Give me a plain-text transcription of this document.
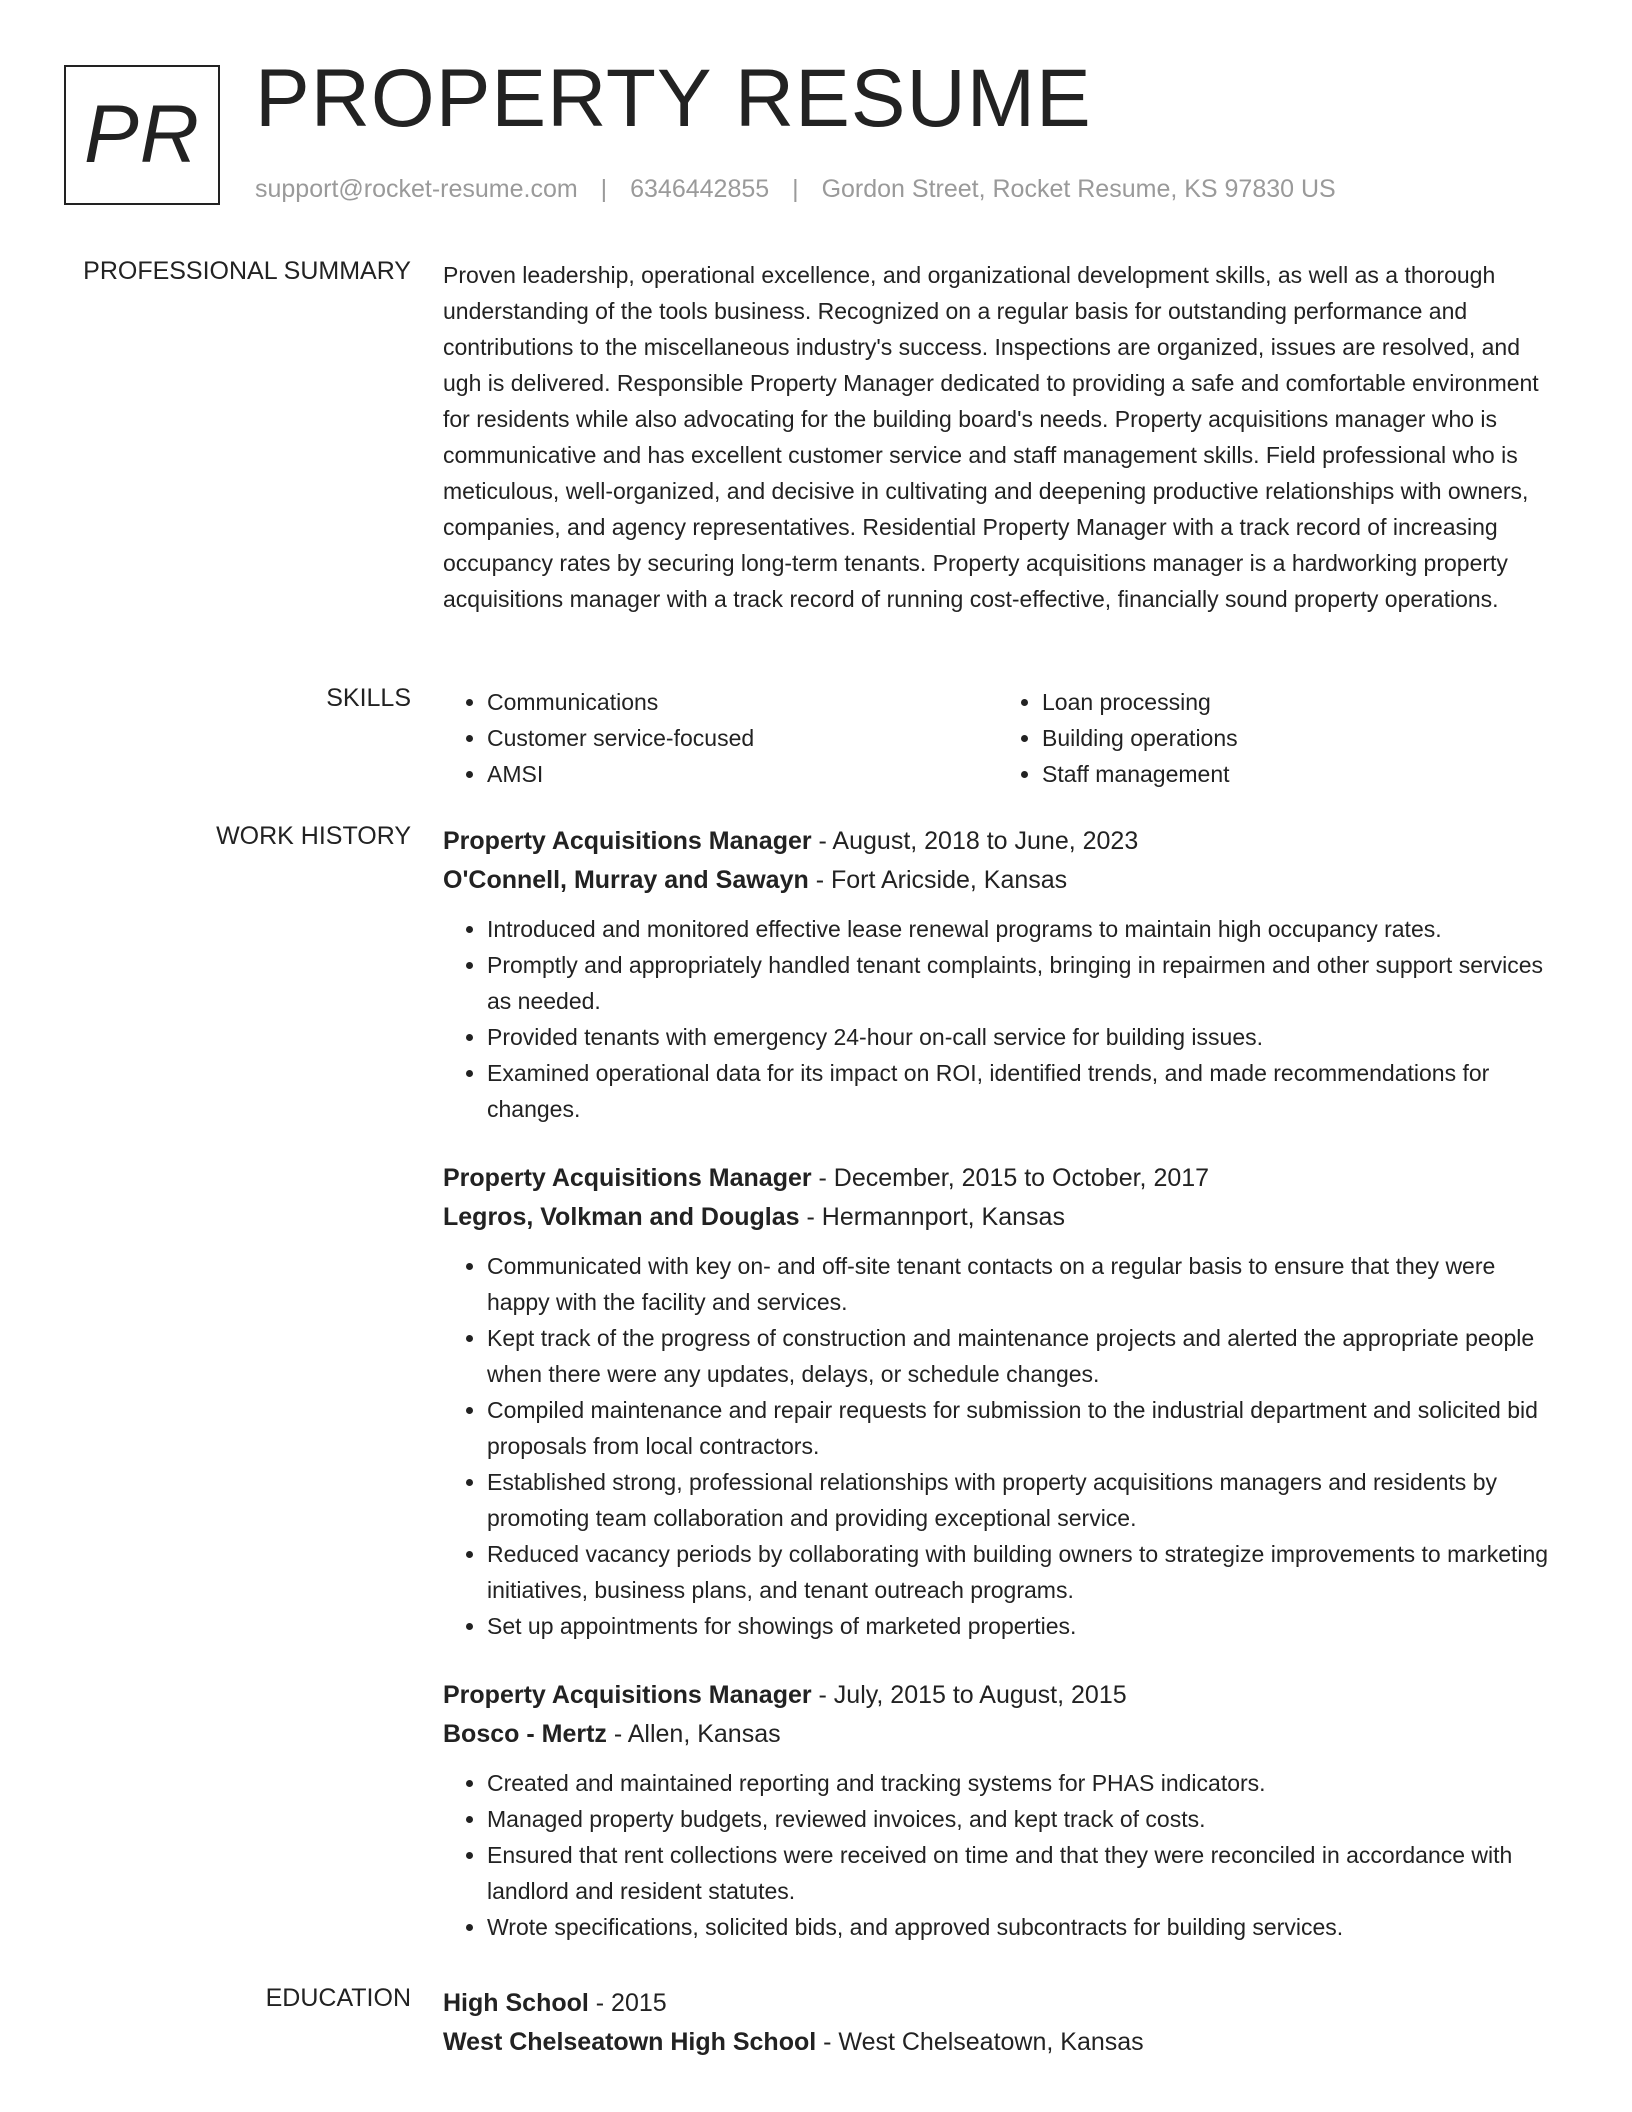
PR PROPERTY RESUME
support@rocket-resume.com | 6346442855 | Gordon Street, Rocket Resume, KS 97830 US
PROFESSIONAL SUMMARY Proven leadership, operational excellence, and organizational development skills, as well as a thorough understanding of the tools business. Recognized on a regular basis for outstanding performance and contributions to the miscellaneous industry's success. Inspections are organized, issues are resolved, and ugh is delivered. Responsible Property Manager dedicated to providing a safe and comfortable environment for residents while also advocating for the building board's needs. Property acquisitions manager who is communicative and has excellent customer service and staff management skills. Field professional who is meticulous, well-organized, and decisive in cultivating and deepening productive relationships with owners, companies, and agency representatives. Residential Property Manager with a track record of increasing occupancy rates by securing long-term tenants. Property acquisitions manager is a hardworking property acquisitions manager with a track record of running cost-effective, financially sound property operations.

SKILLS
•	Communications
• Customer service-focused
• AMSI
• Loan processing
• Building operations
• Staff management
WORK HISTORY Property Acquisitions Manager - August, 2018 to June, 2023
O'Connell, Murray and Sawayn - Fort Aricside, Kansas
• Introduced and monitored effective lease renewal programs to maintain high occupancy rates.
• Promptly and appropriately handled tenant complaints, bringing in repairmen and other support services as needed.
• Provided tenants with emergency 24-hour on-call service for building issues.
• Examined operational data for its impact on ROI, identified trends, and made recommendations for changes.
Property Acquisitions Manager - December, 2015 to October, 2017
Legros, Volkman and Douglas - Hermannport, Kansas
• Communicated with key on- and off-site tenant contacts on a regular basis to ensure that they were happy with the facility and services.
• Kept track of the progress of construction and maintenance projects and alerted the appropriate people when there were any updates, delays, or schedule changes.
• Compiled maintenance and repair requests for submission to the industrial department and solicited bid proposals from local contractors.
• Established strong, professional relationships with property acquisitions managers and residents by promoting team collaboration and providing exceptional service.
• Reduced vacancy periods by collaborating with building owners to strategize improvements to marketing initiatives, business plans, and tenant outreach programs.
• Set up appointments for showings of marketed properties.
Property Acquisitions Manager - July, 2015 to August, 2015
Bosco - Mertz - Allen, Kansas
• Created and maintained reporting and tracking systems for PHAS indicators.
• Managed property budgets, reviewed invoices, and kept track of costs.
• Ensured that rent collections were received on time and that they were reconciled in accordance with landlord and resident statutes.
• Wrote specifications, solicited bids, and approved subcontracts for building services.
EDUCATION High School - 2015
West Chelseatown High School - West Chelseatown, Kansas
